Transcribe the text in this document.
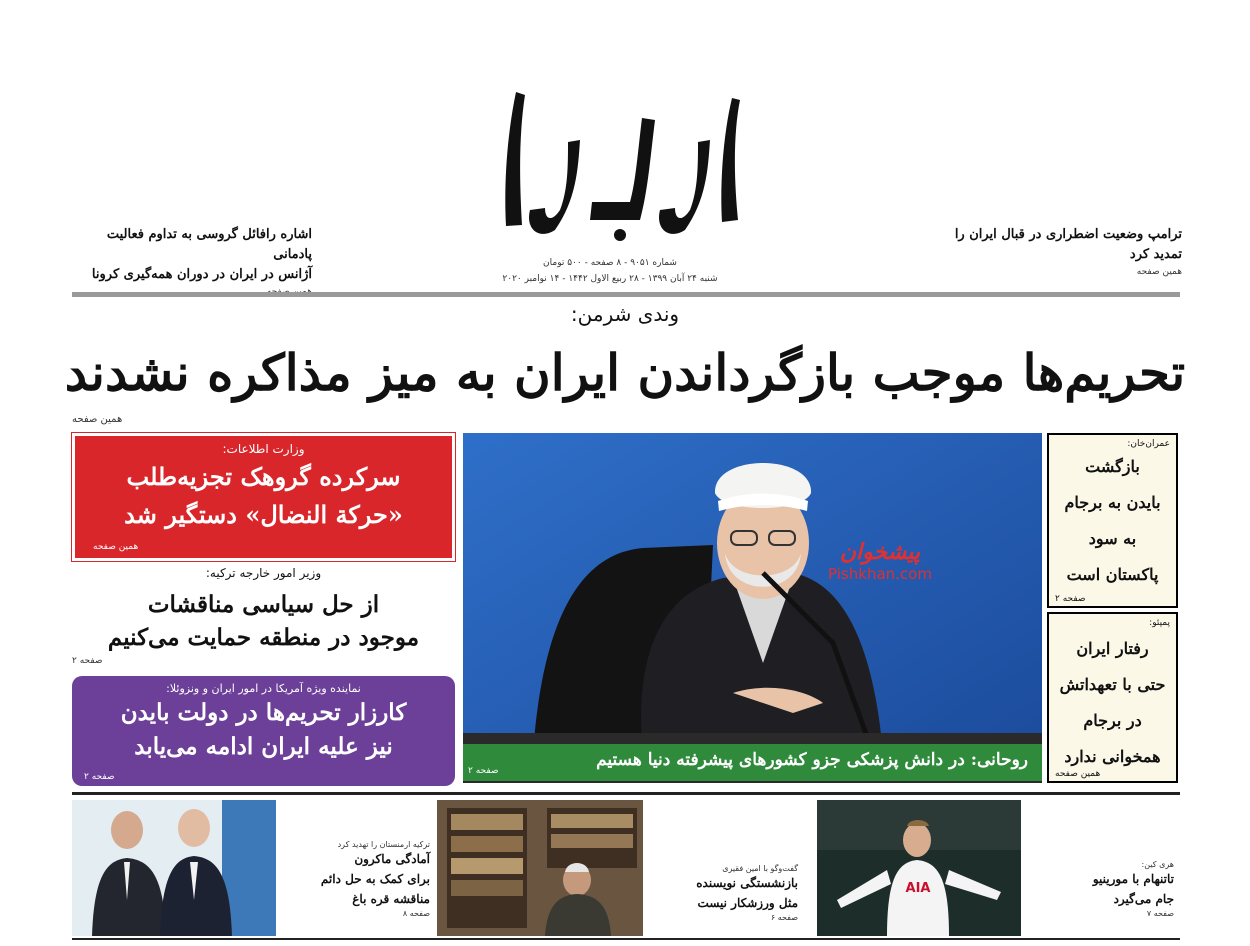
شماره ۹۰۵۱ - ۸ صفحه - ۵۰۰ تومان
شنبه ۲۴ آبان ۱۳۹۹ - ۲۸ ربیع الاول ۱۴۴۲ - ۱۴ نوامبر ۲۰۲۰
ترامپ وضعیت اضطراری در قبال ایران را
تمدید کرد
همین صفحه
اشاره رافائل گروسی به تداوم فعالیت پادمانی
آژانس در ایران در دوران همه‌گیری کرونا
وندی شرمن:
تحریم‌ها موجب بازگرداندن ایران به میز مذاکره نشدند
همین صفحه
وزارت اطلاعات:
سرکرده گروهک تجزیه‌طلب
«حرکة النضال» دستگیر شد
همین صفحه
وزیر امور خارجه ترکیه:
از حل سیاسی مناقشات
موجود در منطقه حمایت می‌کنیم
صفحه ۲
نماینده ویژه آمریکا در امور ایران و ونزوئلا:
کارزار تحریم‌ها در دولت بایدن
نیز علیه ایران ادامه می‌یابد
صفحه ۲
پیشخوان
Pishkhan.com
روحانی: در دانش پزشکی جزو کشورهای پیشرفته دنیا هستیم
صفحه ۲
عمران‌خان:
بازگشت
بایدن به برجام
به سود
پاکستان است
صفحه ۲
پمپئو:
رفتار ایران
حتی با تعهداتش
در برجام
همخوانی ندارد
همین صفحه
ترکیه ارمنستان را تهدید کرد
آمادگی ماکرون
برای کمک به حل دائم
مناقشه قره باغ
صفحه ۸
گفت‌وگو با امین فقیری
بازنشستگی نویسنده
مثل ورزشکار نیست
صفحه ۶
AIA
هری کین:
تاتنهام با مورینیو
جام می‌گیرد
صفحه ۷
